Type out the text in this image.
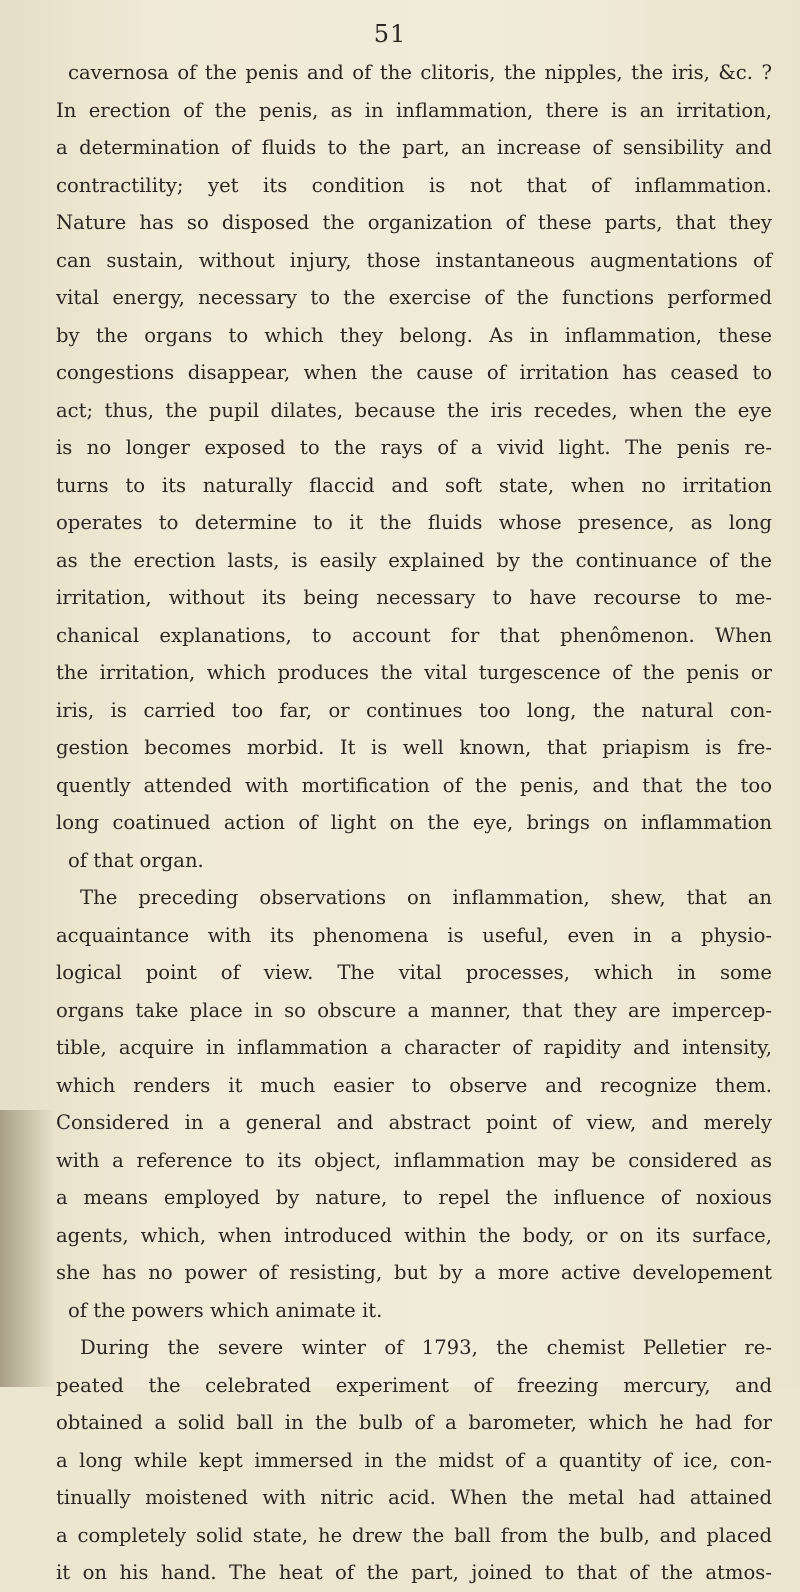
51
cavernosa of the penis and of the clitoris, the nipples, the iris, &c. ?
In erection of the penis, as in inflammation, there is an irritation,
a determination of fluids to the part, an increase of sensibility and
contractility; yet its condition is not that of inflammation.
Nature has so disposed the organization of these parts, that they
can sustain, without injury, those instantaneous augmentations of
vital energy, necessary to the exercise of the functions performed
by the organs to which they belong. As in inflammation, these
congestions disappear, when the cause of irritation has ceased to
act; thus, the pupil dilates, because the iris recedes, when the eye
is no longer exposed to the rays of a vivid light. The penis re-
turns to its naturally flaccid and soft state, when no irritation
operates to determine to it the fluids whose presence, as long
as the erection lasts, is easily explained by the continuance of the
irritation, without its being necessary to have recourse to me-
chanical explanations, to account for that phenômenon. When
the irritation, which produces the vital turgescence of the penis or
iris, is carried too far, or continues too long, the natural con-
gestion becomes morbid. It is well known, that priapism is fre-
quently attended with mortification of the penis, and that the too
long coatinued action of light on the eye, brings on inflammation
of that organ.
The preceding observations on inflammation, shew, that an
acquaintance with its phenomena is useful, even in a physio-
logical point of view. The vital processes, which in some
organs take place in so obscure a manner, that they are impercep-
tible, acquire in inflammation a character of rapidity and intensity,
which renders it much easier to observe and recognize them.
Considered in a general and abstract point of view, and merely
with a reference to its object, inflammation may be considered as
a means employed by nature, to repel the influence of noxious
agents, which, when introduced within the body, or on its surface,
she has no power of resisting, but by a more active developement
of the powers which animate it.
During the severe winter of 1793, the chemist Pelletier re-
peated the celebrated experiment of freezing mercury, and
obtained a solid ball in the bulb of a barometer, which he had for
a long while kept immersed in the midst of a quantity of ice, con-
tinually moistened with nitric acid. When the metal had attained
a completely solid state, he drew the ball from the bulb, and placed
it on his hand. The heat of the part, joined to that of the atmos-
